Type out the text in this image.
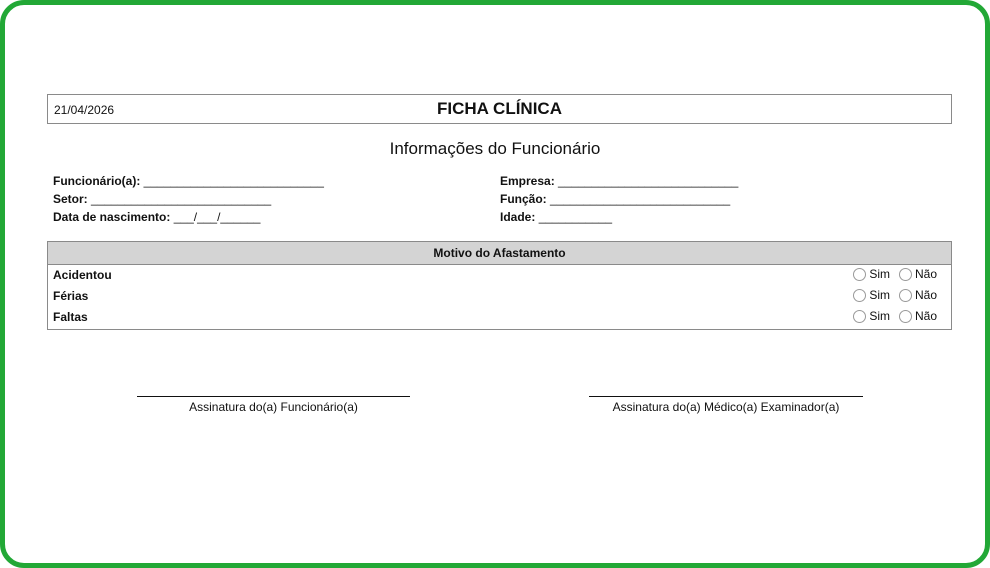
21/04/2026	FICHA CLÍNICA
Informações do Funcionário
Funcionário(a): ___________________________
Setor: ___________________________
Data de nascimento: ___/___/______
Empresa: ___________________________
Função: ___________________________
Idade: ___________
Motivo do Afastamento
Acidentou	Sim Não
Férias	Sim Não
Faltas	Sim Não
Assinatura do(a) Funcionário(a)	Assinatura do(a) Médico(a) Examinador(a)
